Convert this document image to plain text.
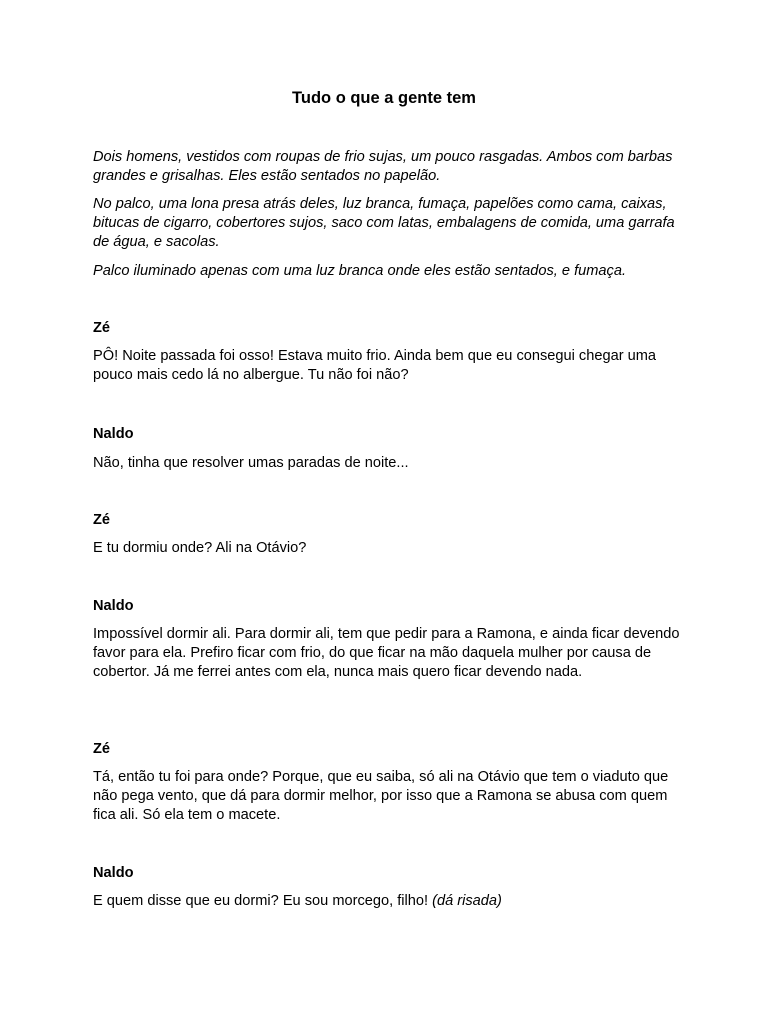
Tudo o que a gente tem

Dois homens, vestidos com roupas de frio sujas, um pouco rasgadas. Ambos com barbas grandes e grisalhas. Eles estão sentados no papelão.

No palco, uma lona presa atrás deles, luz branca, fumaça, papelões como cama, caixas, bitucas de cigarro, cobertores sujos, saco com latas, embalagens de comida, uma garrafa de água, e sacolas.

Palco iluminado apenas com uma luz branca onde eles estão sentados, e fumaça.

Zé

PÔ! Noite passada foi osso! Estava muito frio. Ainda bem que eu consegui chegar uma pouco mais cedo lá no albergue. Tu não foi não?

Naldo

Não, tinha que resolver umas paradas de noite...

Zé

E tu dormiu onde? Ali na Otávio?

Naldo

Impossível dormir ali. Para dormir ali, tem que pedir para a Ramona, e ainda ficar devendo favor para ela. Prefiro ficar com frio, do que ficar na mão daquela mulher por causa de cobertor. Já me ferrei antes com ela, nunca mais quero ficar devendo nada.

Zé

Tá, então tu foi para onde? Porque, que eu saiba, só ali na Otávio que tem o viaduto que não pega vento, que dá para dormir melhor, por isso que a Ramona se abusa com quem fica ali. Só ela tem o macete.

Naldo

E quem disse que eu dormi? Eu sou morcego, filho! (dá risada)
